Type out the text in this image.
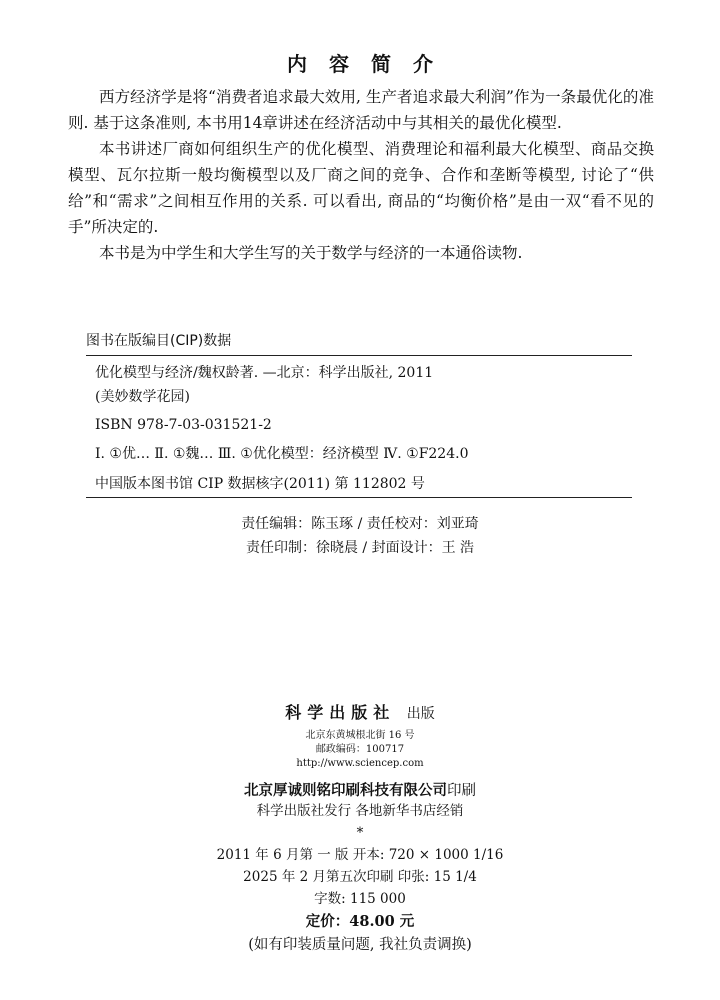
内容简介

西方经济学是将“消费者追求最大效用, 生产者追求最大利润”作为一条最优化的准则. 基于这条准则, 本书用14章讲述在经济活动中与其相关的最优化模型.

本书讲述厂商如何组织生产的优化模型、消费理论和福利最大化模型、商品交换模型、瓦尔拉斯一般均衡模型以及厂商之间的竞争、合作和垄断等模型, 讨论了“供给”和“需求”之间相互作用的关系. 可以看出, 商品的“均衡价格”是由一双“看不见的手”所决定的.

本书是为中学生和大学生写的关于数学与经济的一本通俗读物.

图书在版编目(CIP)数据
优化模型与经济/魏权龄著. —北京：科学出版社, 2011
(美妙数学花园)
ISBN 978-7-03-031521-2
Ⅰ. ①优… Ⅱ. ①魏… Ⅲ. ①优化模型：经济模型 Ⅳ. ①F224.0
中国版本图书馆 CIP 数据核字(2011) 第 112802 号
责任编辑：陈玉琢 / 责任校对：刘亚琦
责任印制：徐晓晨 / 封面设计：王 浩
科学出版社 出版
北京东黄城根北街 16 号
邮政编码：100717
http://www.sciencep.com
北京厚诚则铭印刷科技有限公司印刷
科学出版社发行 各地新华书店经销
*
2011 年 6 月第 一 版 开本: 720 × 1000 1/16
2025 年 2 月第五次印刷 印张: 15 1/4
字数: 115 000
定价：48.00 元
(如有印装质量问题, 我社负责调换)
